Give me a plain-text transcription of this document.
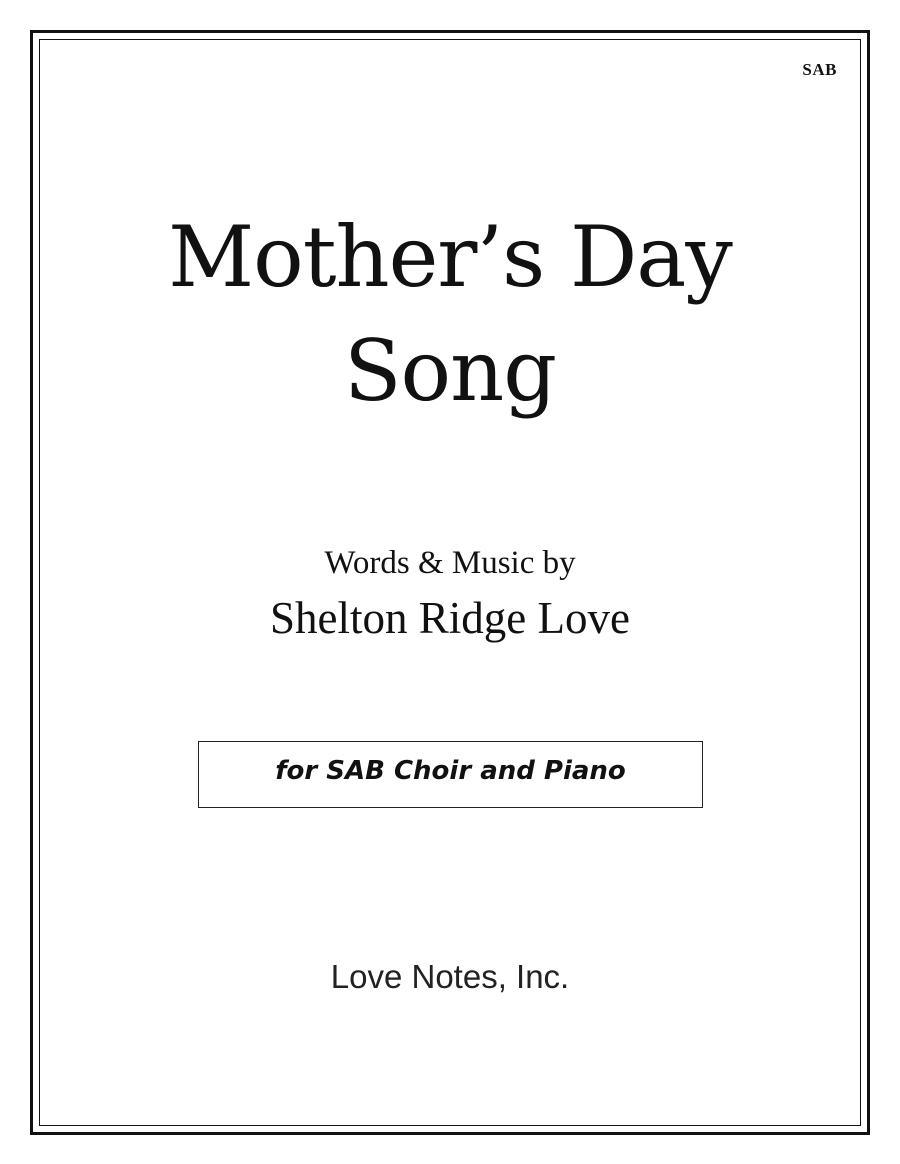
SAB
Mother’s Day
Song
Words & Music by
Shelton Ridge Love
for SAB Choir and Piano
Love Notes, Inc.
